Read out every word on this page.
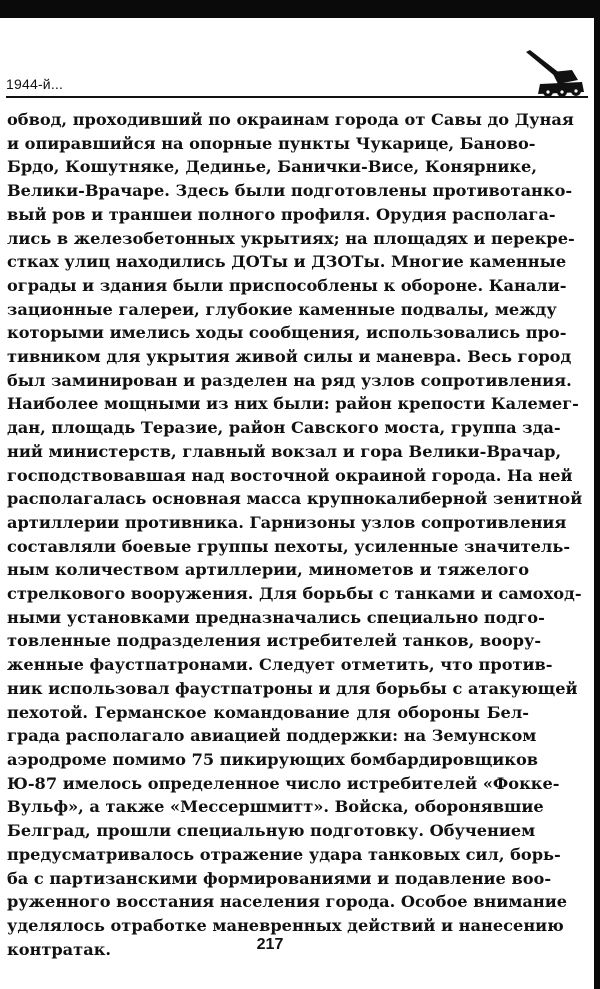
1944-й...
обвод, проходивший по окраинам города от Савы до Дуная
и опиравшийся на опорные пункты Чукарице, Баново-
Брдо, Кошутняке, Дединье, Банички-Висе, Конярнике,
Велики-Врачаре. Здесь были подготовлены противотанко-
вый ров и траншеи полного профиля. Орудия располага-
лись в железобетонных укрытиях; на площадях и перекре-
стках улиц находились ДОТы и ДЗОТы. Многие каменные
ограды и здания были приспособлены к обороне. Канали-
зационные галереи, глубокие каменные подвалы, между
которыми имелись ходы сообщения, использовались про-
тивником для укрытия живой силы и маневра. Весь город
был заминирован и разделен на ряд узлов сопротивления.
Наиболее мощными из них были: район крепости Калемег-
дан, площадь Теразие, район Савского моста, группа зда-
ний министерств, главный вокзал и гора Велики-Врачар,
господствовавшая над восточной окраиной города. На ней
располагалась основная масса крупнокалиберной зенитной
артиллерии противника. Гарнизоны узлов сопротивления
составляли боевые группы пехоты, усиленные значитель-
ным количеством артиллерии, минометов и тяжелого
стрелкового вооружения. Для борьбы с танками и самоход-
ными установками предназначались специально подго-
товленные подразделения истребителей танков, воору-
женные фаустпатронами. Следует отметить, что против-
ник использовал фаустпатроны и для борьбы с атакующей
пехотой. Германское командование для обороны Бел-
града располагало авиацией поддержки: на Земунском
аэродроме помимо 75 пикирующих бомбардировщиков
Ю-87 имелось определенное число истребителей «Фокке-
Вульф», а также «Мессершмитт». Войска, оборонявшие
Белград, прошли специальную подготовку. Обучением
предусматривалось отражение удара танковых сил, борь-
ба с партизанскими формированиями и подавление воо-
руженного восстания населения города. Особое внимание
уделялось отработке маневренных действий и нанесению
контратак.	217
